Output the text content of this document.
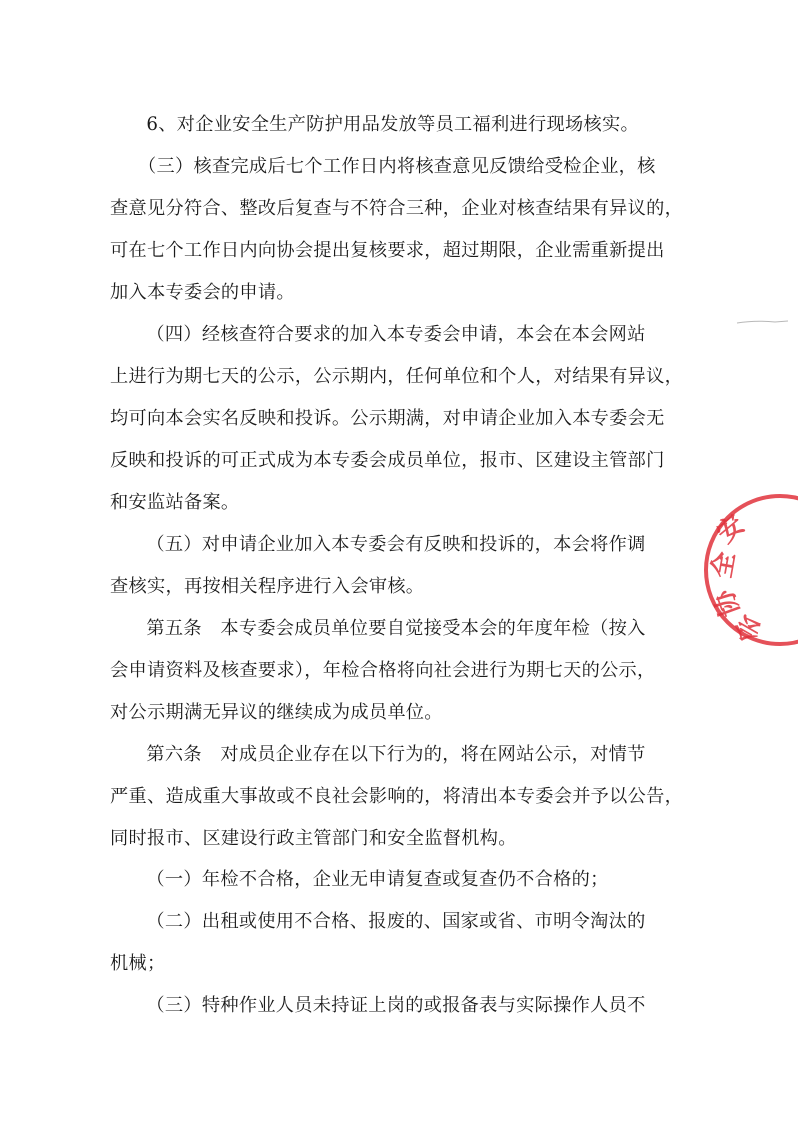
6、对企业安全生产防护用品发放等员工福利进行现场核实。
（三）核查完成后七个工作日内将核查意见反馈给受检企业，核
查意见分符合、整改后复查与不符合三种，企业对核查结果有异议的，
可在七个工作日内向协会提出复核要求，超过期限，企业需重新提出
加入本专委会的申请。
（四）经核查符合要求的加入本专委会申请，本会在本会网站
上进行为期七天的公示，公示期内，任何单位和个人，对结果有异议，
均可向本会实名反映和投诉。公示期满，对申请企业加入本专委会无
反映和投诉的可正式成为本专委会成员单位，报市、区建设主管部门
和安监站备案。
（五）对申请企业加入本专委会有反映和投诉的，本会将作调
查核实，再按相关程序进行入会审核。
第五条　本专委会成员单位要自觉接受本会的年度年检（按入
会申请资料及核查要求），年检合格将向社会进行为期七天的公示，
对公示期满无异议的继续成为成员单位。
第六条　对成员企业存在以下行为的，将在网站公示，对情节
严重、造成重大事故或不良社会影响的，将清出本专委会并予以公告，
同时报市、区建设行政主管部门和安全监督机构。
（一）年检不合格，企业无申请复查或复查仍不合格的；
（二）出租或使用不合格、报废的、国家或省、市明令淘汰的
机械；
（三）特种作业人员未持证上岗的或报备表与实际操作人员不
安
全
协
会
